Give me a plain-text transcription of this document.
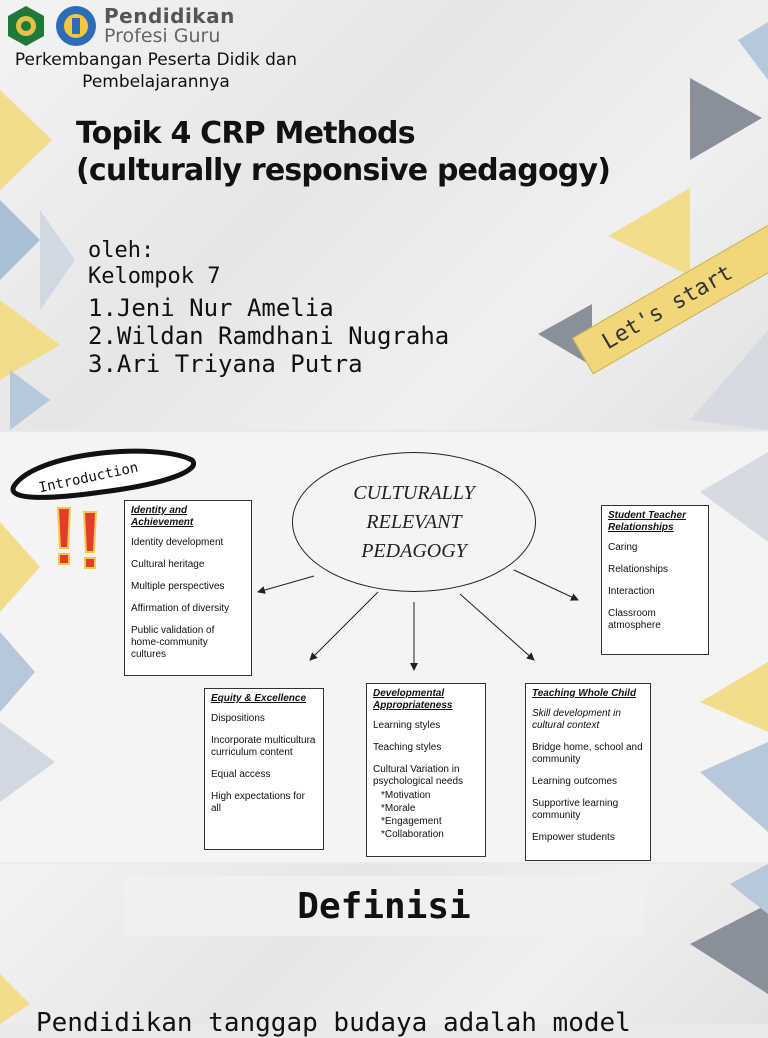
Pendidikan
Profesi Guru
Perkembangan Peserta Didik dan Pembelajarannya
Topik 4 CRP Methods
(culturally responsive pedagogy)
oleh:
Kelompok 7
1.Jeni Nur Amelia
2.Wildan Ramdhani Nugraha
3.Ari Triyana Putra
Let's start
Introduction	CULTURALLY
RELEVANT
PEDAGOGY
Identity and Achievement
Identity development
Cultural heritage
Multiple perspectives
Affirmation of diversity
Public validation of home-community cultures
Student Teacher Relationships
Caring
Relationships
Interaction
Classroom atmosphere
Equity & Excellence
Dispositions
Incorporate multicultura curriculum content
Equal access
High expectations for all
Developmental Appropriateness
Learning styles
Teaching styles
Cultural Variation in psychological needs
*Motivation
*Morale
*Engagement
*Collaboration
Teaching Whole Child
Skill development in cultural context
Bridge home, school and community
Learning outcomes
Supportive learning community
Empower students
Definisi
Pendidikan tanggap budaya adalah model
